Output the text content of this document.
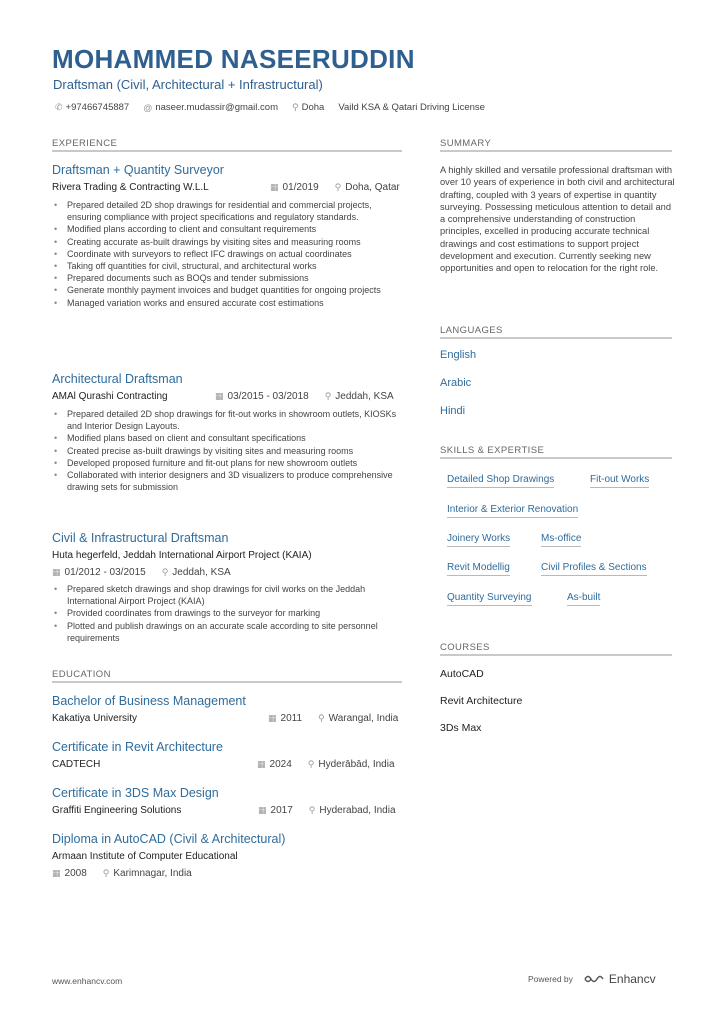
MOHAMMED NASEERUDDIN
Draftsman (Civil, Architectural + Infrastructural)
✆ +97466745887 @ naseer.mudassir@gmail.com ⚲ Doha Vaild KSA & Qatari Driving License
EXPERIENCE
Draftsman + Quantity Surveyor
Rivera Trading & Contracting W.L.L	▦ 01/2019 ⚲ Doha, Qatar
• Prepared detailed 2D shop drawings for residential and commercial projects, ensuring compliance with project specifications and regulatory standards.
• Modified plans according to client and consultant requirements
• Creating accurate as-built drawings by visiting sites and measuring rooms
• Coordinate with surveyors to reflect IFC drawings on actual coordinates
• Taking off quantities for civil, structural, and architectural works
• Prepared documents such as BOQs and tender submissions
• Generate monthly payment invoices and budget quantities for ongoing projects
• Managed variation works and ensured accurate cost estimations
Architectural Draftsman
AMAl Qurashi Contracting	▦ 03/2015 - 03/2018 ⚲ Jeddah, KSA
• Prepared detailed 2D shop drawings for fit-out works in showroom outlets, KIOSKs and Interior Design Layouts.
• Modified plans based on client and consultant specifications
• Created precise as-built drawings by visiting sites and measuring rooms
• Developed proposed furniture and fit-out plans for new showroom outlets
• Collaborated with interior designers and 3D visualizers to produce comprehensive drawing sets for submission
Civil & Infrastructural Draftsman
Huta hegerfeld, Jeddah International Airport Project (KAIA)
▦ 01/2012 - 03/2015 ⚲ Jeddah, KSA
• Prepared sketch drawings and shop drawings for civil works on the Jeddah International Airport Project (KAIA)
• Provided coordinates from drawings to the surveyor for marking
• Plotted and publish drawings on an accurate scale according to site personnel requirements
EDUCATION
Bachelor of Business Management
Kakatiya University	▦ 2011 ⚲ Warangal, India
Certificate in Revit Architecture
CADTECH	▦ 2024 ⚲ Hyderābād, India
Certificate in 3DS Max Design
Graffiti Engineering Solutions	▦ 2017 ⚲ Hyderabad, India
Diploma in AutoCAD (Civil & Architectural)
Armaan Institute of Computer Educational
▦ 2008 ⚲ Karimnagar, India
SUMMARY
A highly skilled and versatile professional draftsman with over 10 years of experience in both civil and architectural drafting, coupled with 3 years of expertise in quantity surveying. Possessing meticulous attention to detail and a comprehensive understanding of construction principles, excelled in producing accurate technical drawings and cost estimations to support project development and execution. Currently seeking new opportunities and open to relocation for the right role.
LANGUAGES
English
Arabic
Hindi
SKILLS & EXPERTISE
Detailed Shop Drawings	Fit-out Works
Interior & Exterior Renovation
Joinery Works	Ms-office
Revit Modellig	Civil Profiles & Sections
Quantity Surveying	As-built
COURSES
AutoCAD
Revit Architecture
3Ds Max
www.enhancv.com	Powered by	Enhancv
